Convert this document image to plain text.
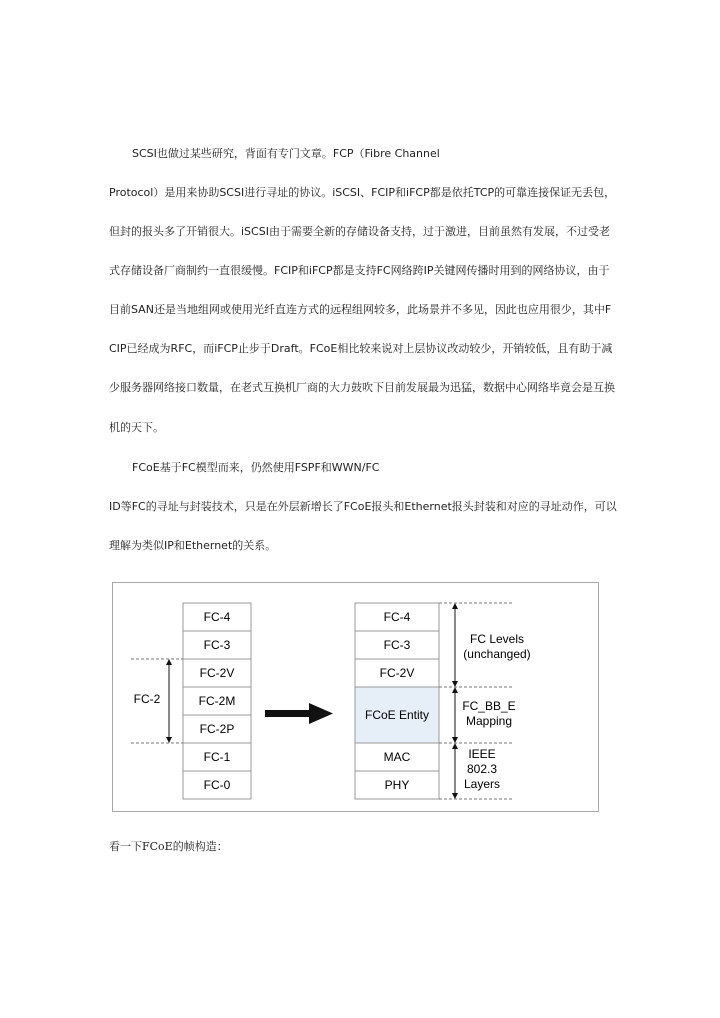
SCSI也做过某些研究，背面有专门文章。FCP（Fibre Channel
Protocol）是用来协助SCSI进行寻址的协议。iSCSI、FCIP和iFCP都是依托TCP的可靠连接保证无丢包，
但封的报头多了开销很大。iSCSI由于需要全新的存储设备支持，过于激进，目前虽然有发展，不过受老
式存储设备厂商制约一直很缓慢。FCIP和iFCP都是支持FC网络跨IP关键网传播时用到的网络协议，由于
目前SAN还是当地组网或使用光纤直连方式的远程组网较多，此场景并不多见，因此也应用很少，其中F
CIP已经成为RFC，而iFCP止步于Draft。FCoE相比较来说对上层协议改动较少，开销较低，且有助于减
少服务器网络接口数量，在老式互换机厂商的大力鼓吹下目前发展最为迅猛，数据中心网络毕竟会是互换
机的天下。
FCoE基于FC模型而来，仍然使用FSPF和WWN/FC
ID等FC的寻址与封装技术，只是在外层新增长了FCoE报头和Ethernet报头封装和对应的寻址动作，可以
理解为类似IP和Ethernet的关系。
FC-4
FC-3
FC-2V
FC-2M
FC-2P
FC-1
FC-0
FC-2
FC-4
FC-3
FC-2V
FCoE Entity
MAC
PHY
FC Levels
(unchanged)
FC_BB_E
Mapping
IEEE
802.3
Layers
看一下FCoE的帧构造：
